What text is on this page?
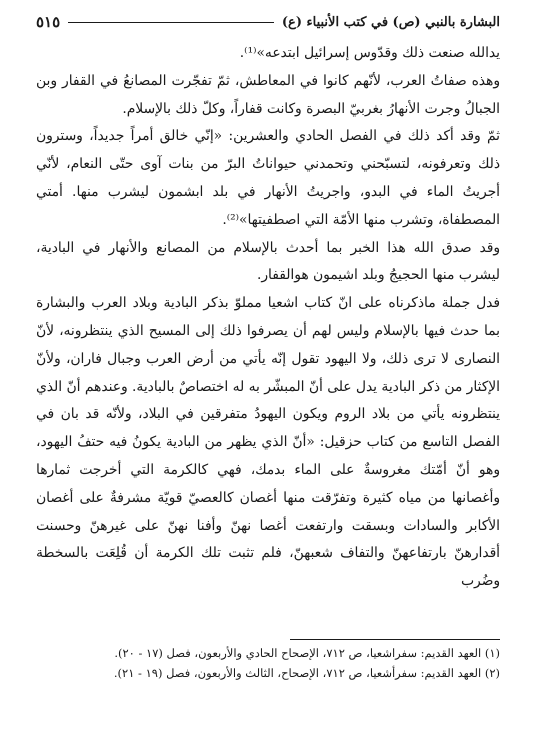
البشارة بالنبي (ص) في كتب الأنبياء (ع)
٥١٥

يدالله صنعت ذلك وقدّوس إسرائيل ابتدعه»⁽¹⁾.

وهذه صفاتُ العرب، لأنّهم كانوا في المعاطش، ثمّ تفجّرت المصانعُ في القفار وبن الجبالُ وجرت الأنهارُ بغربيّ البصرة وكانت قفاراً، وكلّ ذلك بالإسلام.

ثمّ وقد أكد ذلك في الفصل الحادي والعشرين: «إنّي خالق أمراً جديداً، وسترون ذلك وتعرفونه، لتسبّحني وتحمدني حيواناتُ البرّ من بنات آوى حتّى النعام، لأنّي أجريتُ الماء في البدو، واجريتُ الأنهار في بلد ابشمون ليشرب منها. أمتي المصطفاة، وتشرب منها الأمّة التي اصطفيتها»⁽²⁾.

وقد صدق الله هذا الخبر بما أحدث بالإسلام من المصانع والأنهار في البادية، ليشرب منها الحجيجُ وبلد اشيمون هوالقفار.

فدل جملة ماذكرناه على انّ كتاب اشعيا مملوّ بذكر البادية وبلاد العرب والبشارة بما حدث فيها بالإسلام وليس لهم أن يصرفوا ذلك إلى المسيح الذي ينتظرونه، لأنّ النصارى لا ترى ذلك، ولا اليهود تقول إنّه يأتي من أرض العرب وجبال فاران، ولأنّ الإكثار من ذكر البادية يدل على أنّ المبشّر به له اختصاصٌ بالبادية. وعندهم أنّ الذي ينتظرونه يأتي من بلاد الروم ويكون اليهودُ متفرقين في البلاد، ولأنّه قد بان في الفصل التاسع من كتاب حزقيل: «أنّ الذي يظهر من البادية يكونُ فيه حتفُ اليهود، وهو أنّ أمّتك مغروسةٌ على الماء بدمك، فهي كالكرمة التي أخرجت ثمارها وأغصانها من مياه كثيرة وتفرّقت منها أغصان كالعصيّ قويّة مشرفةٌ على أغصان الأكابر والسادات وبسقت وارتفعت أغصا نهنّ وأفنا نهنّ على غيرهنّ وحسنت أقدارهنّ بارتفاعهنّ والتفاف شعبهنّ، فلم تثبت تلك الكرمة أن قُلِعَت بالسخطة وضُرب

(١) العهد القديم: سفراشعيا، ص ٧١٢، الإصحاح الحادي والأربعون، فصل (١٧ - ٢٠).

(٢) العهد القديم: سفرأشعيا، ص ٧١٢، الإصحاح، الثالث والأربعون، فصل (١٩ - ٢١).
